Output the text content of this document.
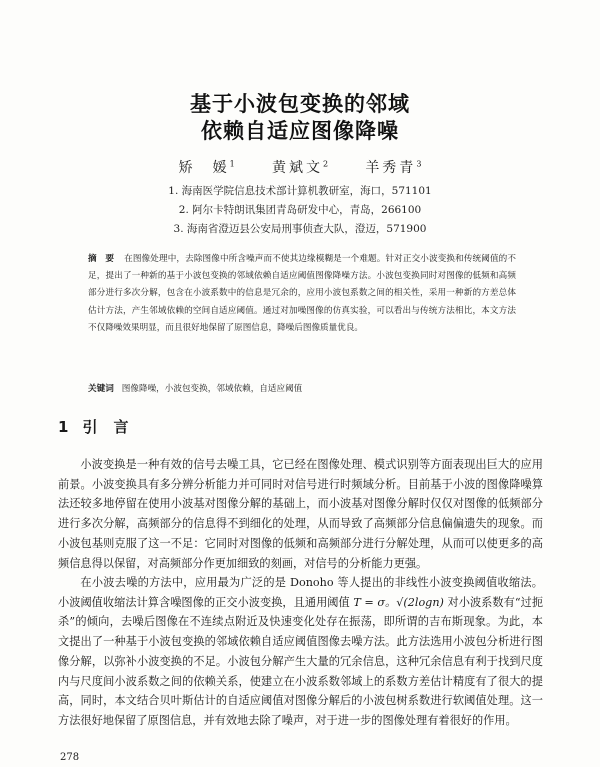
基于小波包变换的邻域
依赖自适应图像降噪
矫　媛$^1$	黄斌文$^2$	羊秀青$^3$
1. 海南医学院信息技术部计算机教研室，海口，571101
2. 阿尔卡特朗讯集团青岛研发中心，青岛，266100
3. 海南省澄迈县公安局刑事侦查大队，澄迈，571900
摘　要 在图像处理中，去除图像中所含噪声而不使其边缘模糊是一个难题。针对正交小波变换和传统阈值的不足，提出了一种新的基于小波包变换的邻域依赖自适应阈值图像降噪方法。小波包变换同时对图像的低频和高频部分进行多次分解，包含在小波系数中的信息是冗余的，应用小波包系数之间的相关性，采用一种新的方差总体估计方法，产生邻域依赖的空间自适应阈值。通过对加噪图像的仿真实验，可以看出与传统方法相比，本文方法不仅降噪效果明显，而且很好地保留了原图信息，降噪后图像质量优良。
关键词 图像降噪，小波包变换，邻域依赖，自适应阈值
1 引言

小波变换是一种有效的信号去噪工具，它已经在图像处理、模式识别等方面表现出巨大的应用前景。小波变换具有多分辨分析能力并可同时对信号进行时频域分析。目前基于小波的图像降噪算法还较多地停留在使用小波基对图像分解的基础上，而小波基对图像分解时仅仅对图像的低频部分进行多次分解，高频部分的信息得不到细化的处理，从而导致了高频部分信息偏偏遗失的现象。而小波包基则克服了这一不足：它同时对图像的低频和高频部分进行分解处理，从而可以使更多的高频信息得以保留，对高频部分作更加细致的刻画，对信号的分析能力更强。

在小波去噪的方法中，应用最为广泛的是 Donoho 等人提出的非线性小波变换阈值收缩法。小波阈值收缩法计算含噪图像的正交小波变换，且通用阈值 T = σ。√(2logn) 对小波系数有“过扼杀”的倾向，去噪后图像在不连续点附近及快速变化处存在振荡，即所谓的吉布斯现象。为此，本文提出了一种基于小波包变换的邻域依赖自适应阈值图像去噪方法。此方法选用小波包分析进行图像分解，以弥补小波变换的不足。小波包分解产生大量的冗余信息，这种冗余信息有利于找到尺度内与尺度间小波系数之间的依赖关系，使建立在小波系数邻域上的系数方差估计精度有了很大的提高，同时，本文结合贝叶斯估计的自适应阈值对图像分解后的小波包树系数进行软阈值处理。这一方法很好地保留了原图信息，并有效地去除了噪声，对于进一步的图像处理有着很好的作用。

278
